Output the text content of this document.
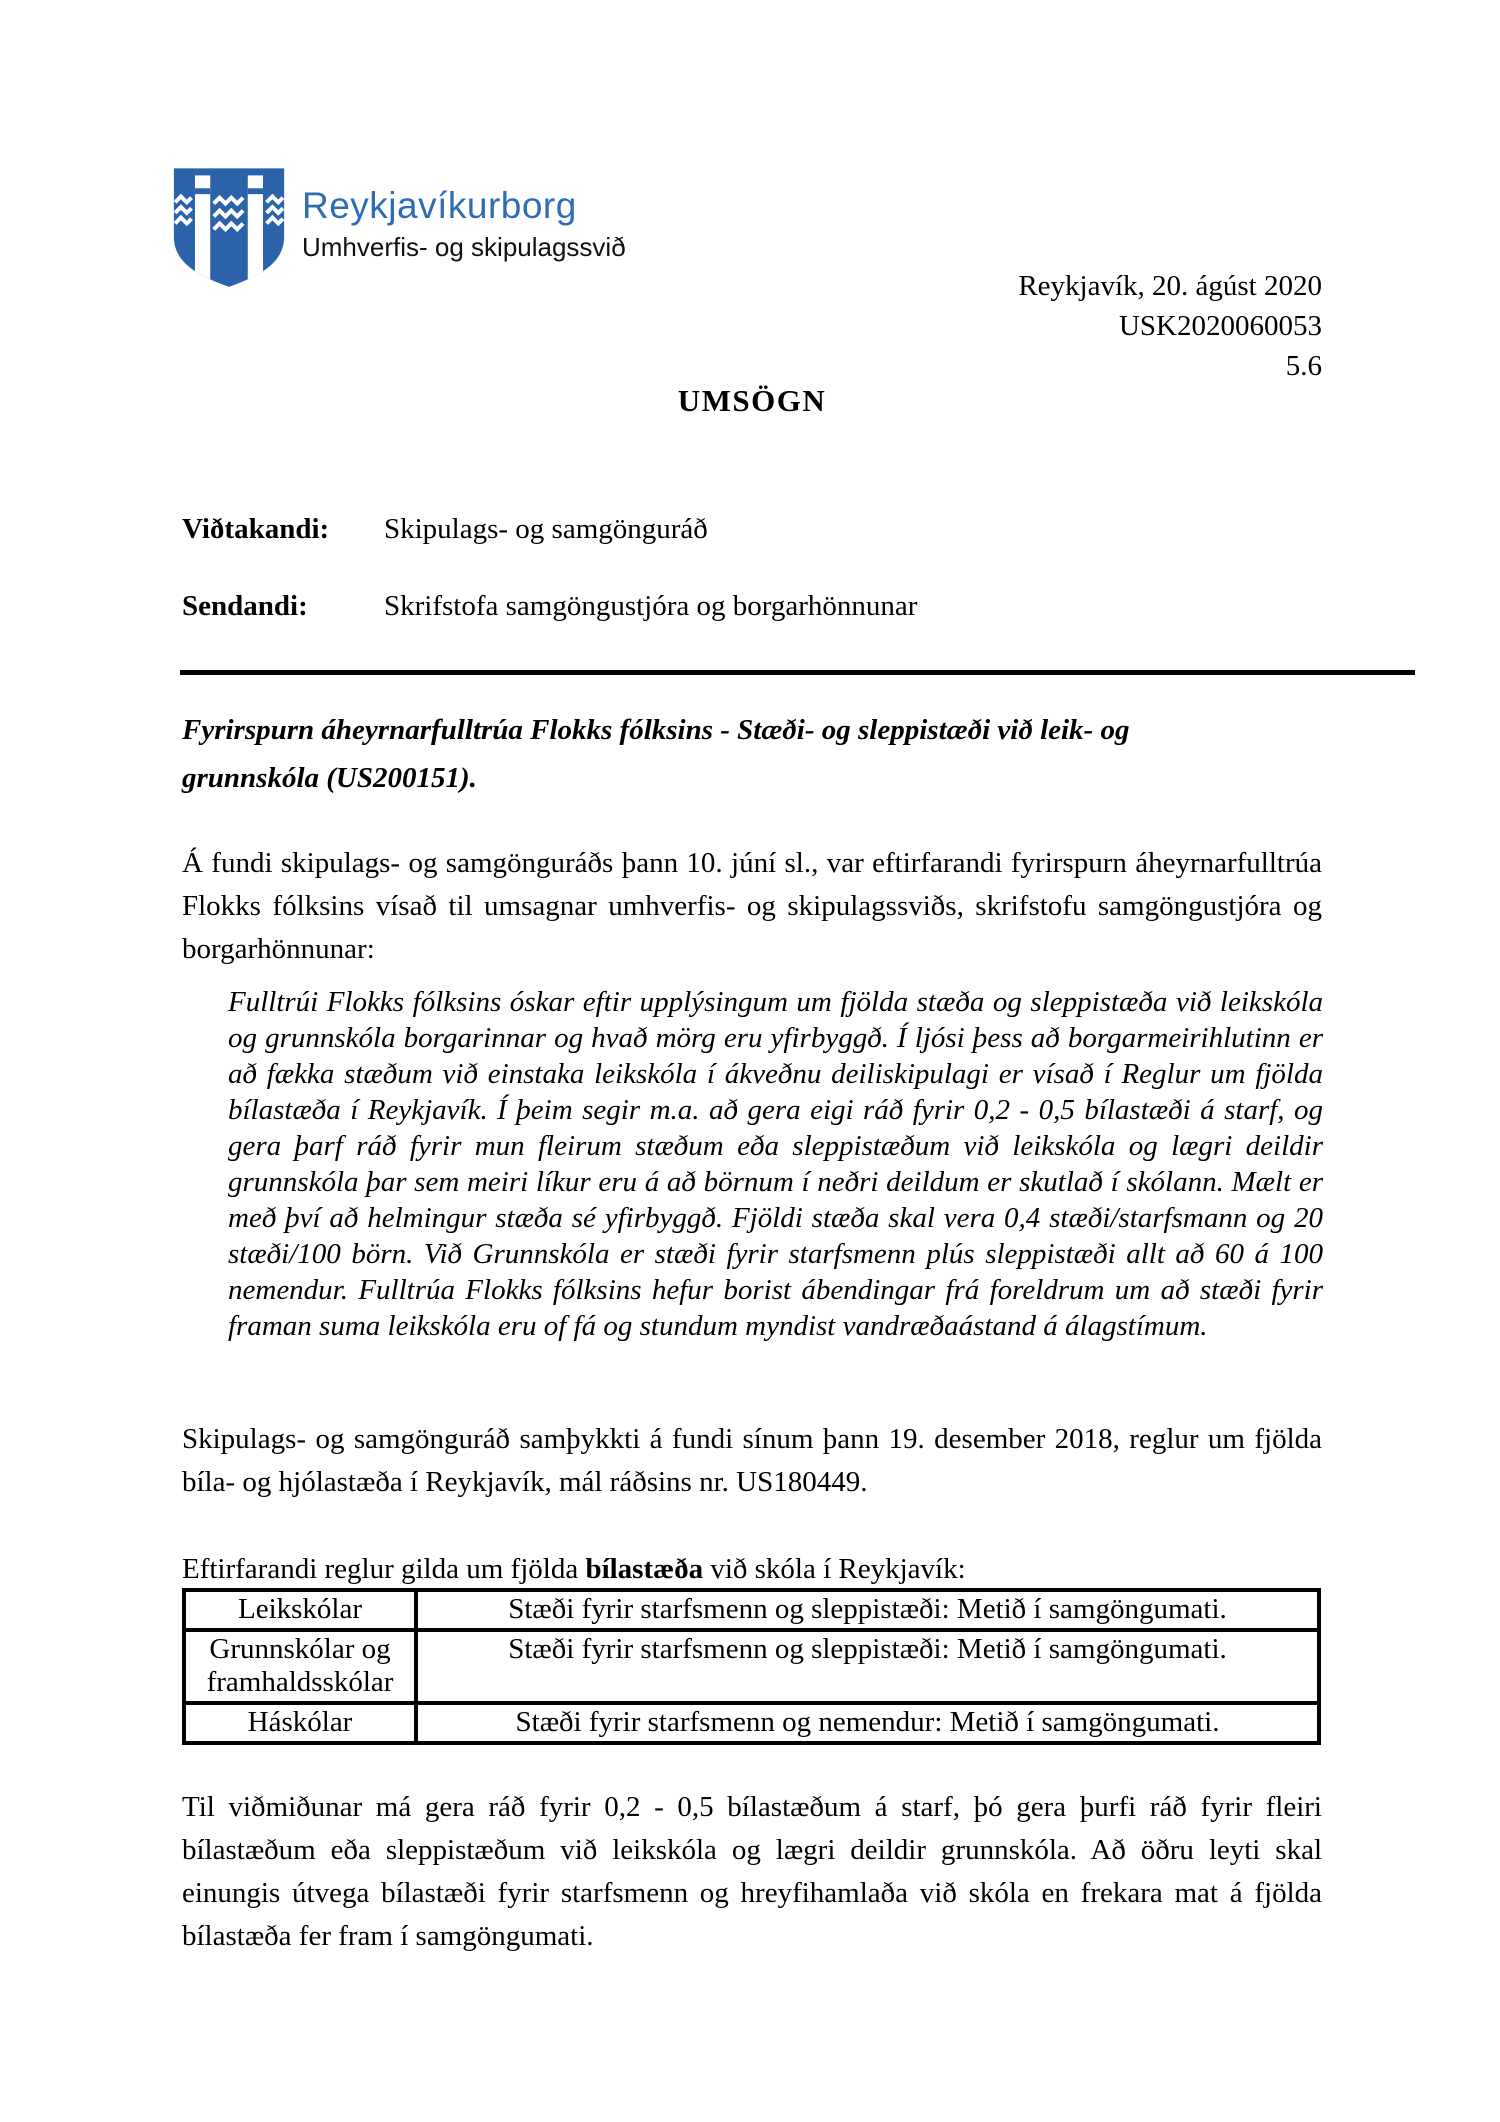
Reykjavíkurborg
Umhverfis- og skipulagssvið
Reykjavík, 20. ágúst 2020
USK2020060053
5.6
UMSÖGN
Viðtakandi: Skipulags- og samgönguráð
Sendandi:	Skrifstofa samgöngustjóra og borgarhönnunar
Fyrirspurn áheyrnarfulltrúa Flokks fólksins - Stæði- og sleppistæði við leik- og
grunnskóla (US200151).
Á fundi skipulags- og samgönguráðs þann 10. júní sl., var eftirfarandi fyrirspurn áheyrnarfulltrúa Flokks fólksins vísað til umsagnar umhverfis- og skipulagssviðs, skrifstofu samgöngustjóra og borgarhönnunar:
Fulltrúi Flokks fólksins óskar eftir upplýsingum um fjölda stæða og sleppistæða við leikskóla og grunnskóla borgarinnar og hvað mörg eru yfirbyggð. Í ljósi þess að borgarmeirihlutinn er að fækka stæðum við einstaka leikskóla í ákveðnu deiliskipulagi er vísað í Reglur um fjölda bílastæða í Reykjavík. Í þeim segir m.a. að gera eigi ráð fyrir 0,2 - 0,5 bílastæði á starf, og gera þarf ráð fyrir mun fleirum stæðum eða sleppistæðum við leikskóla og lægri deildir grunnskóla þar sem meiri líkur eru á að börnum í neðri deildum er skutlað í skólann. Mælt er með því að helmingur stæða sé yfirbyggð. Fjöldi stæða skal vera 0,4 stæði/starfsmann og 20 stæði/100 börn. Við Grunnskóla er stæði fyrir starfsmenn plús sleppistæði allt að 60 á 100 nemendur. Fulltrúa Flokks fólksins hefur borist ábendingar frá foreldrum um að stæði fyrir framan suma leikskóla eru of fá og stundum myndist vandræðaástand á álagstímum.
Skipulags- og samgönguráð samþykkti á fundi sínum þann 19. desember 2018, reglur um fjölda bíla- og hjólastæða í Reykjavík, mál ráðsins nr. US180449.
Eftirfarandi reglur gilda um fjölda bílastæða við skóla í Reykjavík:
Leikskólar	Stæði fyrir starfsmenn og sleppistæði: Metið í samgöngumati.
Grunnskólar og framhaldsskólar	Stæði fyrir starfsmenn og sleppistæði: Metið í samgöngumati.
Háskólar	Stæði fyrir starfsmenn og nemendur: Metið í samgöngumati.
Til viðmiðunar má gera ráð fyrir 0,2 - 0,5 bílastæðum á starf, þó gera þurfi ráð fyrir fleiri bílastæðum eða sleppistæðum við leikskóla og lægri deildir grunnskóla. Að öðru leyti skal einungis útvega bílastæði fyrir starfsmenn og hreyfihamlaða við skóla en frekara mat á fjölda bílastæða fer fram í samgöngumati.
